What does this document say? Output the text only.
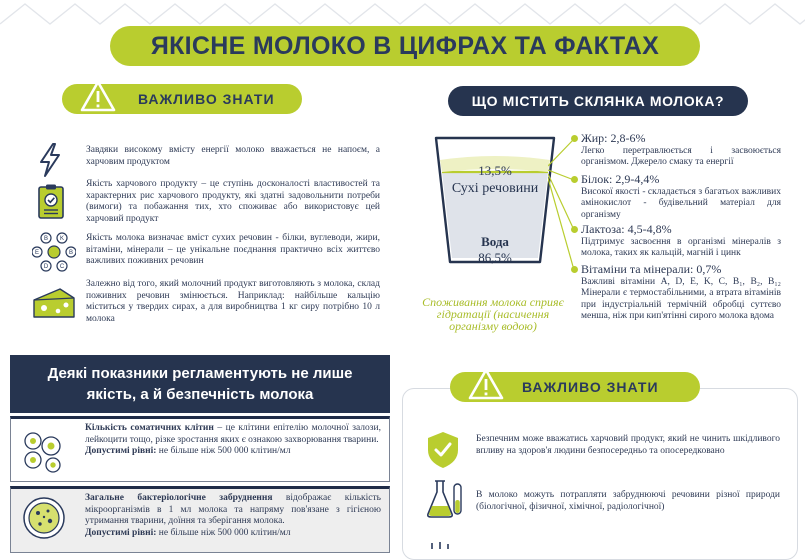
ЯКІСНЕ МОЛОКО В ЦИФРАХ ТА ФАКТАХ
ВАЖЛИВО ЗНАТИ
Завдяки високому вмісту енергії молоко вважається не напоєм, а харчовим продуктом
Якість харчового продукту – це ступінь досконалості властивостей та характерних рис харчового продукту, які здатні задовольнити потреби (вимоги) та побажання тих, хто споживає або використовує цей харчовий продукт
B K
E	B
D C
Якість молока визначає вміст сухих речовин - білки, вуглеводи, жири, вітаміни, мінерали – це унікальне поєднання практично всіх життєво важливих поживних речовин
Залежно від того, який молочний продукт виготовляють з молока, склад поживних речовин змінюється. Наприклад: найбільше кальцію міститься у твердих сирах, а для виробництва 1 кг сиру потрібно 10 л молока
Деякі показники регламентують не лише якість, а й безпечність молока
Кількість соматичних клітин – це клітини епітелію молочної залози, лейкоцити тощо, різке зростання яких є ознакою захворювання тварини.
Допустимі рівні: не більше ніж 500 000 клітин/мл
Загальне бактеріологічне забруднення відображає кількість мікроорганізмів в 1 мл молока та напряму пов'язане з гігієною утримання тварини, доїння та зберігання молока.
Допустимі рівні: не більше ніж 500 000 клітин/мл
ЩО МІСТИТЬ СКЛЯНКА МОЛОКА?
13,5%
Сухі речовини
Вода
86,5%
Споживання молока сприяє гідратації (насичення організму водою)
Жир: 2,8-6%
Легко перетравлюється і засвоюється організмом. Джерело смаку та енергії
Білок: 2,9-4,4%
Високої якості - складається з багатьох важливих амінокислот - будівельний матеріал для організму
Лактоза: 4,5-4,8%
Підтримує засвоєння в організмі мінералів з молока, таких як кальцій, магній і цинк
Вітаміни та мінерали: 0,7%
Важливі вітаміни A, D, E, K, C, B₁, B₂, B₁₂ Мінерали є термостабільними, а втрата вітамінів при індустріальній термічній обробці суттєво менша, ніж при кип'ятінні сирого молока вдома
ВАЖЛИВО ЗНАТИ
Безпечним може вважатись харчовий продукт, який не чинить шкідливого впливу на здоров'я людини безпосередньо та опосередковано
В молоко можуть потрапляти забруднюючі речовини різної природи (біологічної, фізичної, хімічної, радіологічної)
